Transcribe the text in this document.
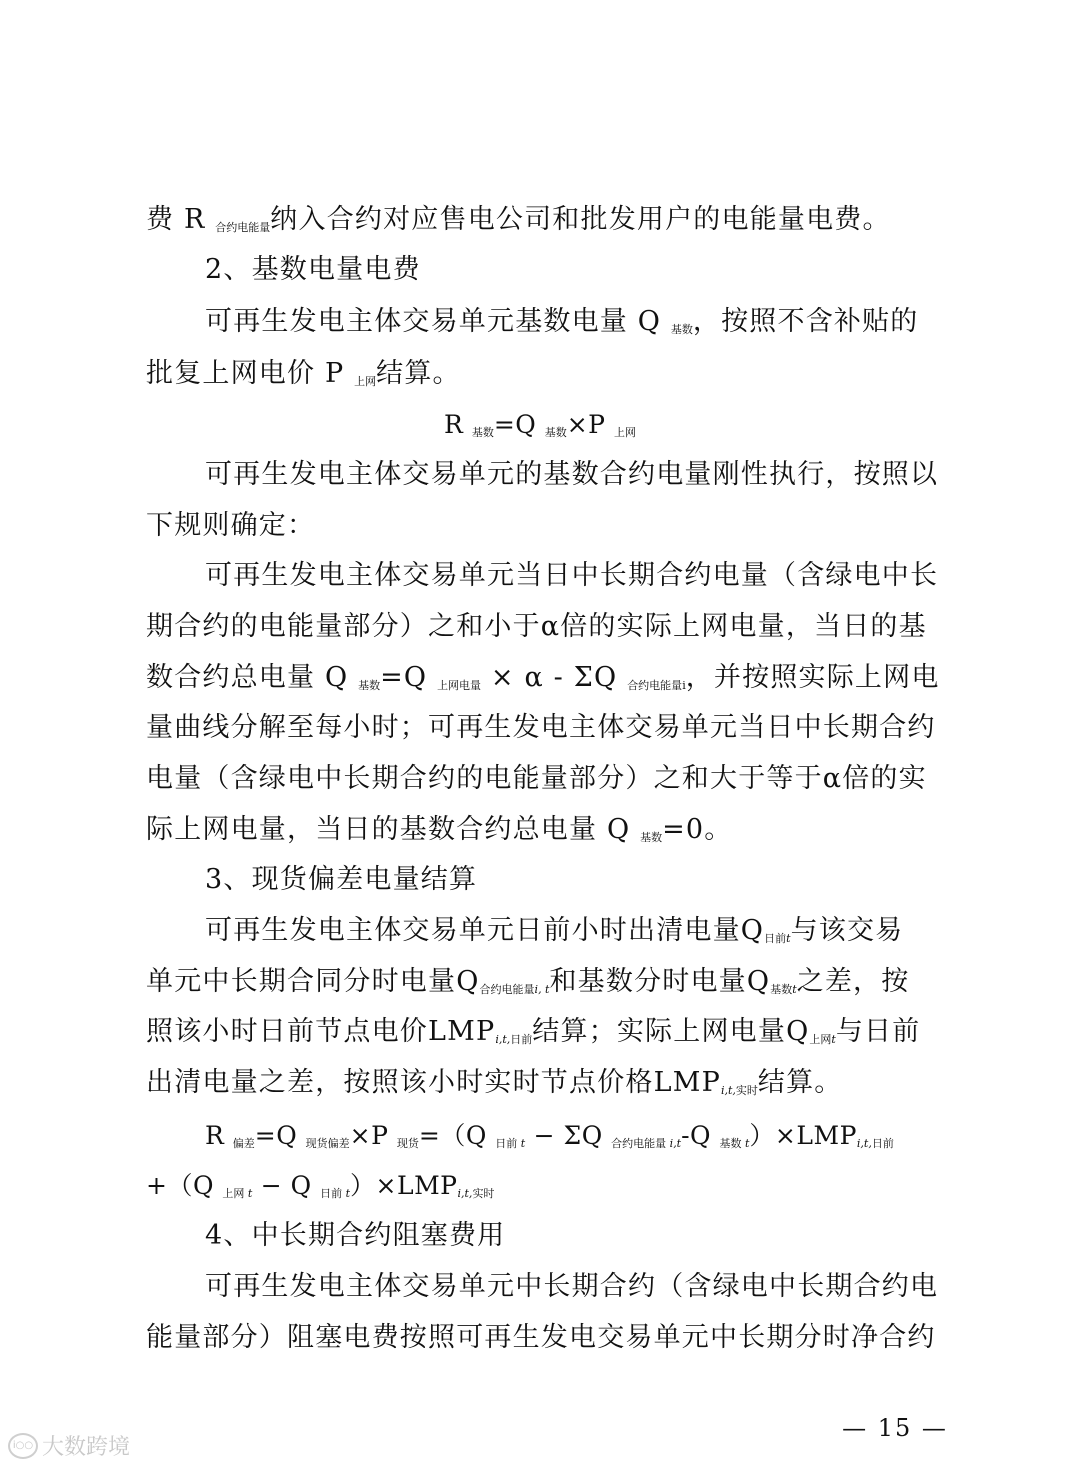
费 R $_{合约电能量}$纳入合约对应售电公司和批发用户的电能量电费。
2、基数电量电费
可再生发电主体交易单元基数电量 Q $_{基数}$，按照不含补贴的
批复上网电价 P $_{上网}$结算。
R $_{基数}$=Q $_{基数}$×P $_{上网}$
可再生发电主体交易单元的基数合约电量刚性执行，按照以
下规则确定：
可再生发电主体交易单元当日中长期合约电量（含绿电中长
期合约的电能量部分）之和小于α倍的实际上网电量，当日的基
数合约总电量 Q $_{基数}$=Q $_{上网电量}$ × α - ΣQ $_{合约电能量i}$，并按照实际上网电
量曲线分解至每小时；可再生发电主体交易单元当日中长期合约
电量（含绿电中长期合约的电能量部分）之和大于等于α倍的实
际上网电量，当日的基数合约总电量 Q $_{基数}$=0。
3、现货偏差电量结算
可再生发电主体交易单元日前小时出清电量$Q_{日前t}$与该交易
单元中长期合同分时电量$Q_{合约电能量i, t}$和基数分时电量$Q_{基数t}$之差，按
照该小时日前节点电价$LMP_{i,t,日前}$结算；实际上网电量$Q_{上网t}$与日前
出清电量之差，按照该小时实时节点价格$LMP_{i,t,实时}$结算。
R $_{偏差}$=Q $_{现货偏差}$×P $_{现货}$=（Q $_{日前 t}$ − ΣQ $_{合约电能量 i,t}$-Q $_{基数 t})\times LMP_{i,t,日前}$
+（Q $_{上网 t}$ − Q $_{日前 t})\times LMP_{i,t,实时}$
4、中长期合约阻塞费用
可再生发电主体交易单元中长期合约（含绿电中长期合约电
能量部分）阻塞电费按照可再生发电交易单元中长期分时净合约
— 15 —
i○○ 大数跨境
